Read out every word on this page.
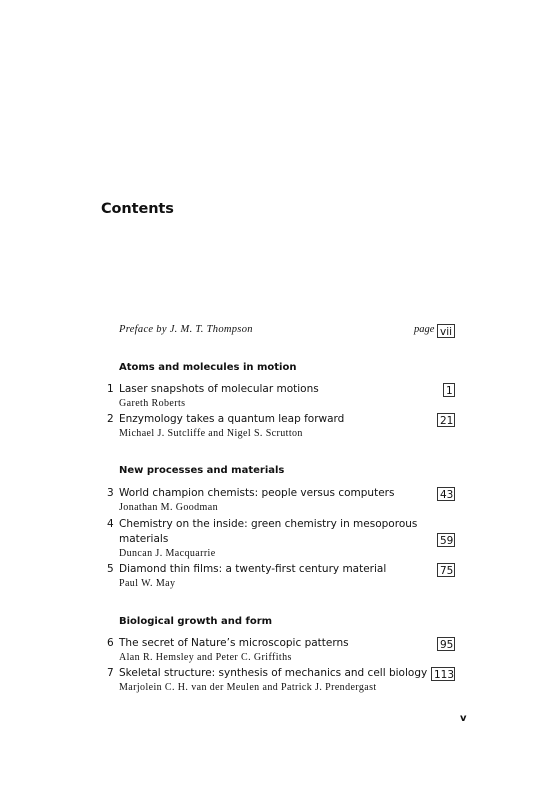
Contents
Preface by J. M. T. Thompson	page vii
Atoms and molecules in motion
1 Laser snapshots of molecular motions
Gareth Roberts
1
2 Enzymology takes a quantum leap forward
Michael J. Sutcliffe and Nigel S. Scrutton
21
New processes and materials
3 World champion chemists: people versus computers
Jonathan M. Goodman
43
4 Chemistry on the inside: green chemistry in mesoporous
materials
Duncan J. Macquarrie
59
5 Diamond thin films: a twenty-first century material
Paul W. May
75
Biological growth and form
6 The secret of Nature’s microscopic patterns
Alan R. Hemsley and Peter C. Griffiths
95
7 Skeletal structure: synthesis of mechanics and cell biology
Marjolein C. H. van der Meulen and Patrick J. Prendergast
113
v
